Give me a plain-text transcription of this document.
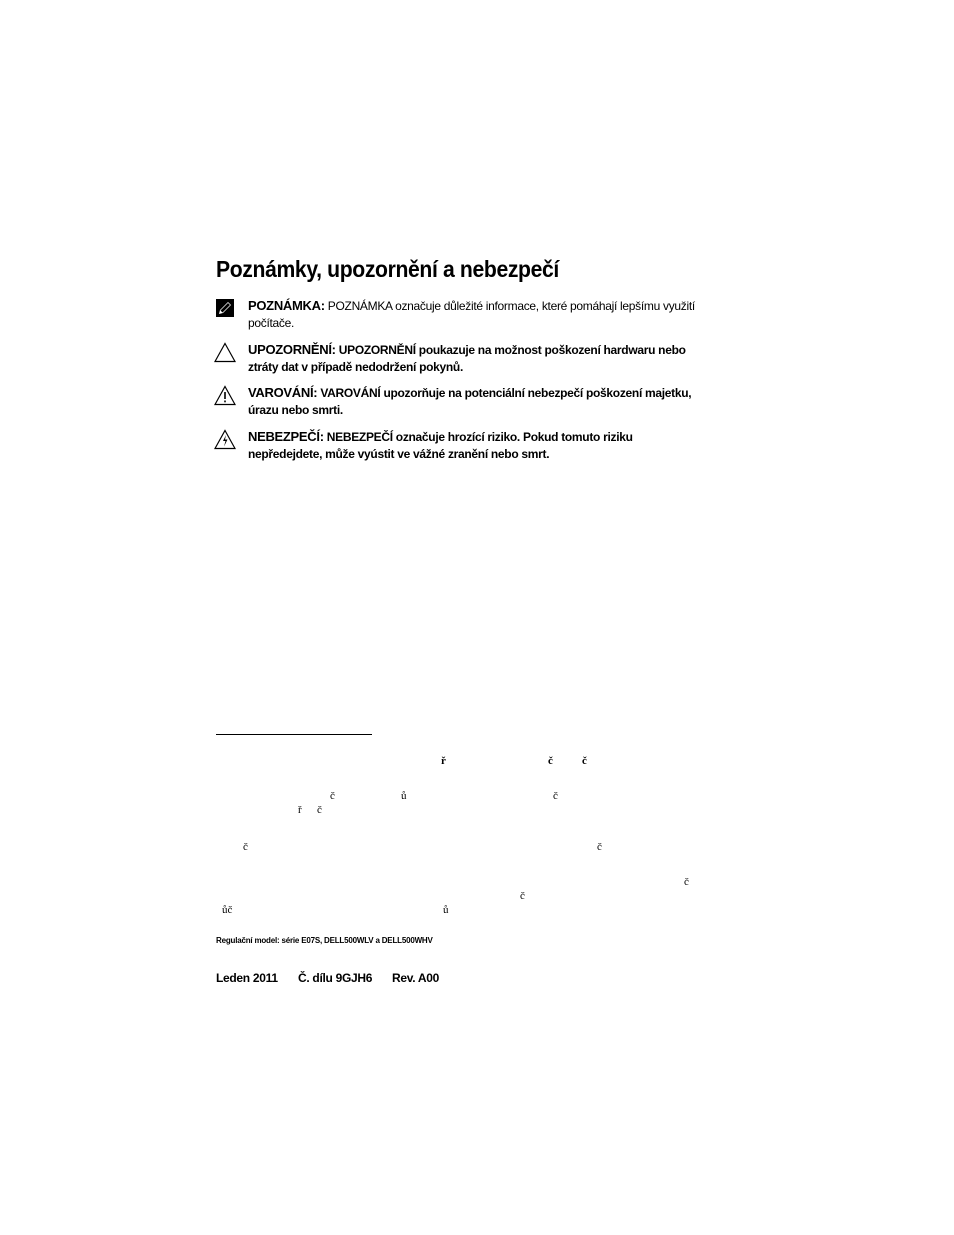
Poznámky, upozornění a nebezpečí
POZNÁMKA: POZNÁMKA označuje důležité informace, které pomáhají lepšímu využití
počítače.
UPOZORNĚNÍ: UPOZORNĚNÍ poukazuje na možnost poškození hardwaru nebo
ztráty dat v případě nedodržení pokynů.
VAROVÁNÍ: VAROVÁNÍ upozorňuje na potenciální nebezpečí poškození majetku,
úrazu nebo smrti.
NEBEZPEČÍ: NEBEZPEČÍ označuje hrozící riziko. Pokud tomuto riziku
nepředejdete, může vyústit ve vážné zranění nebo smrt.
ř	č	č
č	ů	č
ř č
č	č
č
č
ůč	ů
Regulační model: série E07S, DELL500WLV a DELL500WHV
Leden 2011 Č. dílu 9GJH6 Rev. A00
